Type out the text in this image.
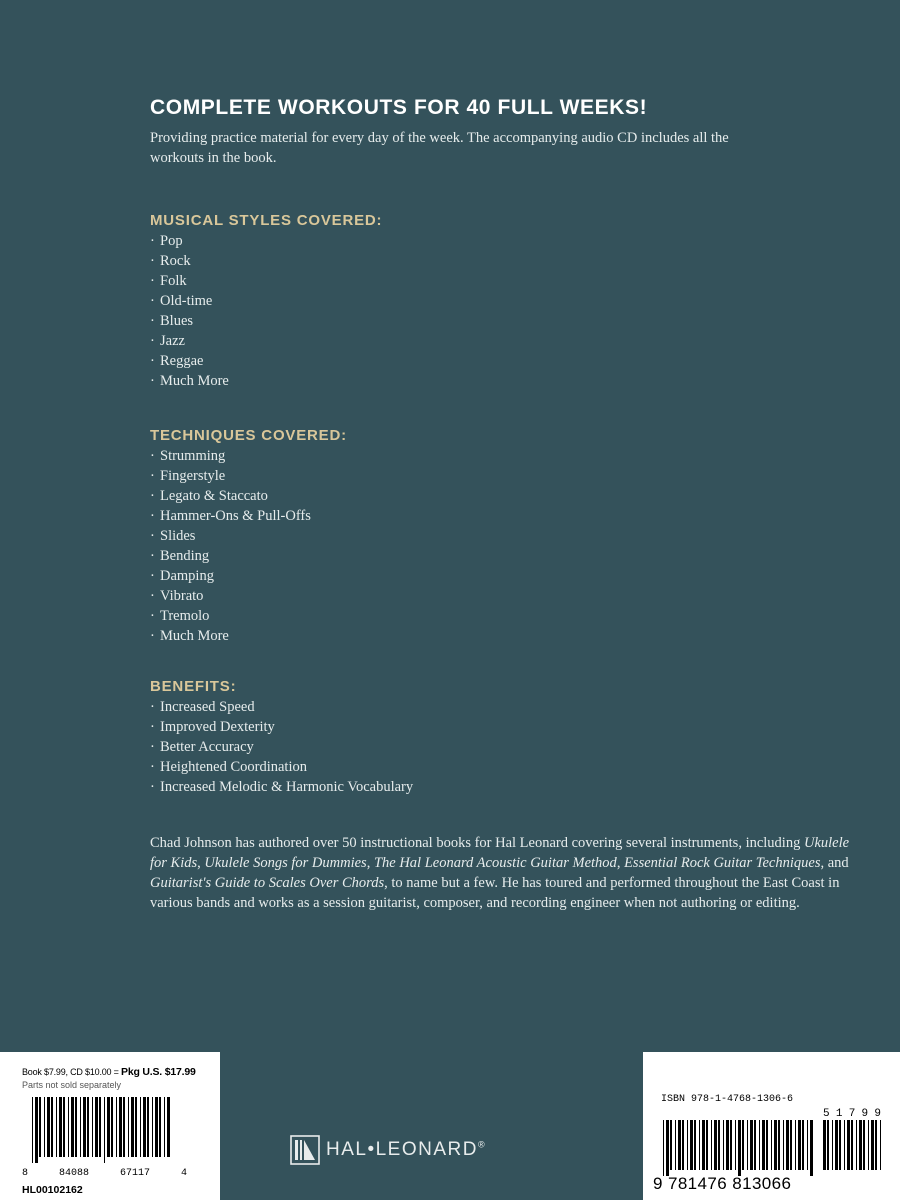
COMPLETE WORKOUTS FOR 40 FULL WEEKS!

Providing practice material for every day of the week. The accompanying audio CD includes all the workouts in the book.

MUSICAL STYLES COVERED:
· Pop
· Rock
· Folk
· Old-time
· Blues
· Jazz
· Reggae
· Much More
TECHNIQUES COVERED:
· Strumming
· Fingerstyle
· Legato & Staccato
· Hammer-Ons & Pull-Offs
· Slides
· Bending
· Damping
· Vibrato
· Tremolo
· Much More
BENEFITS:
· Increased Speed
· Improved Dexterity
· Better Accuracy
· Heightened Coordination
· Increased Melodic & Harmonic Vocabulary

Chad Johnson has authored over 50 instructional books for Hal Leonard covering several instruments, including Ukulele for Kids, Ukulele Songs for Dummies, The Hal Leonard Acoustic Guitar Method, Essential Rock Guitar Techniques, and Guitarist's Guide to Scales Over Chords, to name but a few. He has toured and performed throughout the East Coast in various bands and works as a session guitarist, composer, and recording engineer when not authoring or editing.

Book $7.99, CD $10.00 = Pkg U.S. $17.99
Parts not sold separately
8	84088	67117	4
HL00102162
HAL•LEONARD®
ISBN 978-1-4768-1306-6
5 1 7 9 9
9 781476 813066
